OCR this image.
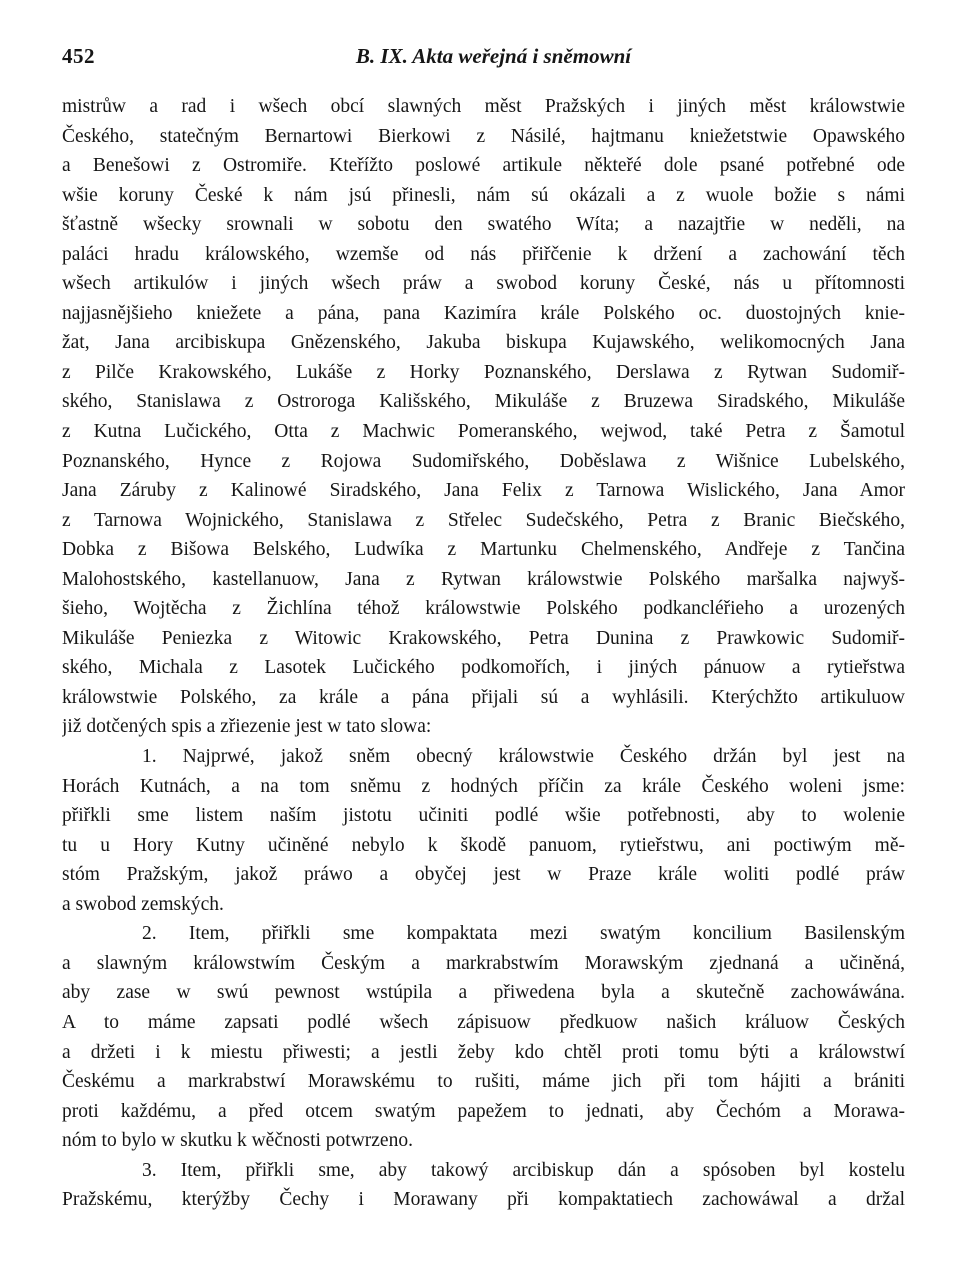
452	B. IX. Akta weřejná i sněmowní
mistrůw a rad i wšech obcí slawných měst Pražských i jiných měst králowstwie
Českého, statečným Bernartowi Bierkowi z Násilé, hajtmanu kniežetstwie Opawského
a Benešowi z Ostromiře. Kteřížto poslowé artikule někteřé dole psané potřebné ode
wšie koruny České k nám jsú přinesli, nám sú okázali a z wuole božie s námi
šťastně wšecky srownali w sobotu den swatého Wíta; a nazajtřie w neděli, na
paláci hradu králowského, wzemše od nás přiřčenie k držení a zachowání těch
wšech artikulów i jiných wšech práw a swobod koruny České, nás u přítomnosti
najjasnějšieho kniežete a pána, pana Kazimíra krále Polského oc. duostojných knie-
žat, Jana arcibiskupa Gnězenského, Jakuba biskupa Kujawského, welikomocných Jana
z Pilče Krakowského, Lukáše z Horky Poznanského, Derslawa z Rytwan Sudomiř-
ského, Stanislawa z Ostroroga Kališského, Mikuláše z Bruzewa Siradského, Mikuláše
z Kutna Lučického, Otta z Machwic Pomeranského, wejwod, také Petra z Šamotul
Poznanského, Hynce z Rojowa Sudomiřského, Doběslawa z Wišnice Lubelského,
Jana Záruby z Kalinowé Siradského, Jana Felix z Tarnowa Wislického, Jana Amor
z Tarnowa Wojnického, Stanislawa z Střelec Sudečského, Petra z Branic Biečského,
Dobka z Bišowa Belského, Ludwíka z Martunku Chelmenského, Andřeje z Tančina
Malohostského, kastellanuow, Jana z Rytwan králowstwie Polského maršalka najwyš-
šieho, Wojtěcha z Žichlína téhož králowstwie Polského podkancléřieho a urozených
Mikuláše Peniezka z Witowic Krakowského, Petra Dunina z Prawkowic Sudomiř-
ského, Michala z Lasotek Lučického podkomořích, i jiných pánuow a rytieřstwa
králowstwie Polského, za krále a pána přijali sú a wyhlásili. Kterýchžto artikuluow
již dotčených spis a zřiezenie jest w tato slowa:
1. Najprwé, jakož sněm obecný králowstwie Českého držán byl jest na
Horách Kutnách, a na tom sněmu z hodných příčin za krále Českého woleni jsme:
přiřkli sme listem naším jistotu učiniti podlé wšie potřebnosti, aby to wolenie
tu u Hory Kutny učiněné nebylo k škodě panuom, rytieřstwu, ani poctiwým mě-
stóm Pražským, jakož práwo a obyčej jest w Praze krále woliti podlé práw
a swobod zemských.
2. Item, přiřkli sme kompaktata mezi swatým koncilium Basilenským
a slawným králowstwím Českým a markrabstwím Morawským zjednaná a učiněná,
aby zase w swú pewnost wstúpila a přiwedena byla a skutečně zachowáwána.
A to máme zapsati podlé wšech zápisuow předkuow našich králuow Českých
a držeti i k miestu přiwesti; a jestli žeby kdo chtěl proti tomu býti a králowstwí
Českému a markrabstwí Morawskému to rušiti, máme jich při tom hájiti a brániti
proti každému, a před otcem swatým papežem to jednati, aby Čechóm a Morawa-
nóm to bylo w skutku k wěčnosti potwrzeno.
3. Item, přiřkli sme, aby takowý arcibiskup dán a spósoben byl kostelu
Pražskému, kterýžby Čechy i Morawany při kompaktatiech zachowáwal a držal
